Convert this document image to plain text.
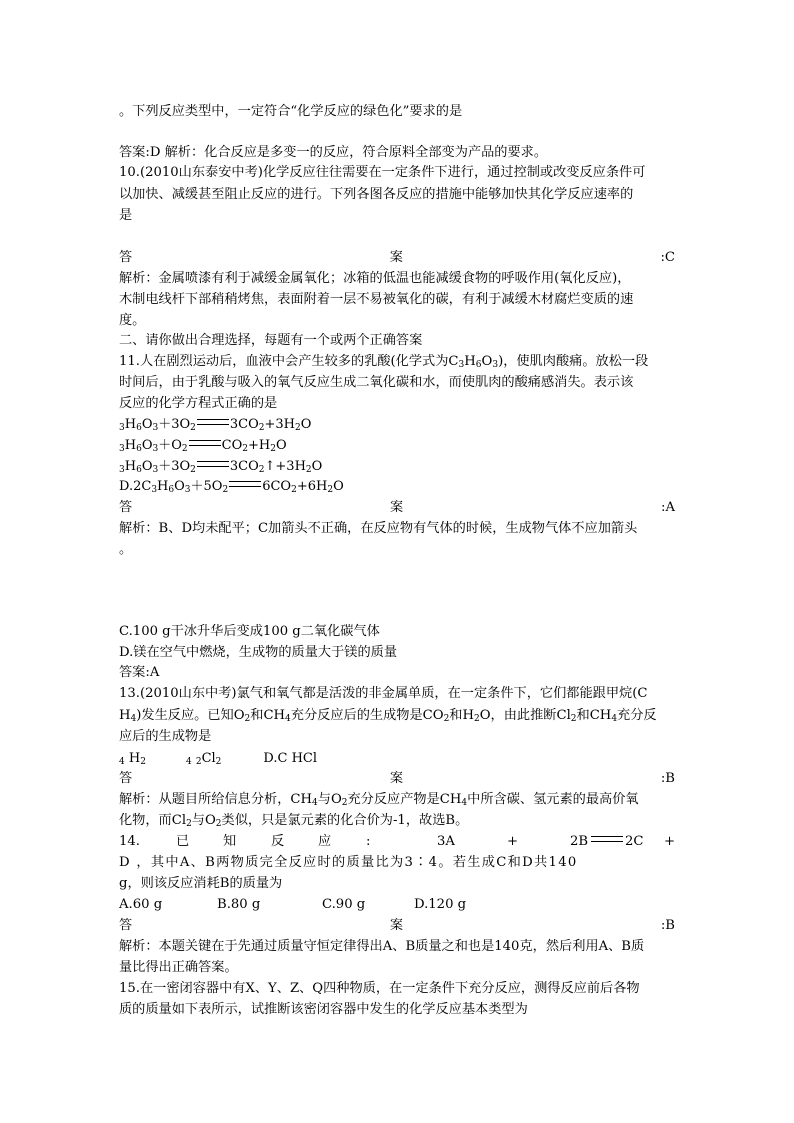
。下列反应类型中，一定符合“化学反应的绿色化”要求的是
答案:D 解析：化合反应是多变一的反应，符合原料全部变为产品的要求。
10.(2010山东泰安中考)化学反应往往需要在一定条件下进行，通过控制或改变反应条件可
以加快、减缓甚至阻止反应的进行。下列各图各反应的措施中能够加快其化学反应速率的
是
答	案	:C
解析：金属喷漆有利于减缓金属氧化；冰箱的低温也能减缓食物的呼吸作用(氧化反应)，
木制电线杆下部稍稍烤焦，表面附着一层不易被氧化的碳，有利于减缓木材腐烂变质的速
度。
二、请你做出合理选择，每题有一个或两个正确答案
11.人在剧烈运动后，血液中会产生较多的乳酸(化学式为$C_3H_6O_3$)，使肌肉酸痛。放松一段
时间后，由于乳酸与吸入的氧气反应生成二氧化碳和水，而使肌肉的酸痛感消失。表示该
反应的化学方程式正确的是
$_3H_6O_3+3O_2$	$3CO_2+3H_2O$
$_3H_6O_3+O_2$	$CO_2+H_2O$
$_3H_6O_3+3O_2$	$3CO_2↑+3H_2O$
$D.2C_3H_6O_3+5O_2$	$6CO_2+6H_2O$
答	案	:A
解析：B、D均未配平；C加箭头不正确，在反应物有气体的时候，生成物气体不应加箭头
。
C.100 g干冰升华后变成100 g二氧化碳气体
D.镁在空气中燃烧，生成物的质量大于镁的质量
答案:A
13.(2010山东中考)氯气和氧气都是活泼的非金属单质，在一定条件下，它们都能跟甲烷(C
$H_4$)发生反应。已知$O_2$和$CH_4$充分反应后的生成物是$CO_2$和$H_2O$，由此推断$Cl_2$和$CH_4$充分反
应后的生成物是
$_4$ $H_2$	$_4$ $_2Cl_2$	D.C HCl
答	案	:B
解析：从题目所给信息分析，$CH_4$与$O_2$充分反应产物是$CH_4$中所含碳、氢元素的最高价氧
化物，而$Cl_2$与$O_2$类似，只是氯元素的化合价为-1，故选B。
14.	已	知	反	应	:	3A	+	2B	2C +
D ，其中A、B两物质完全反应时的质量比为3∶4。若生成C和D共140
g，则该反应消耗B的质量为
A.60 g	B.80 g	C.90 g	D.120 g
答	案	:B
解析：本题关键在于先通过质量守恒定律得出A、B质量之和也是140克，然后利用A、B质
量比得出正确答案。
15.在一密闭容器中有X、Y、Z、Q四种物质，在一定条件下充分反应，测得反应前后各物
质的质量如下表所示，试推断该密闭容器中发生的化学反应基本类型为
